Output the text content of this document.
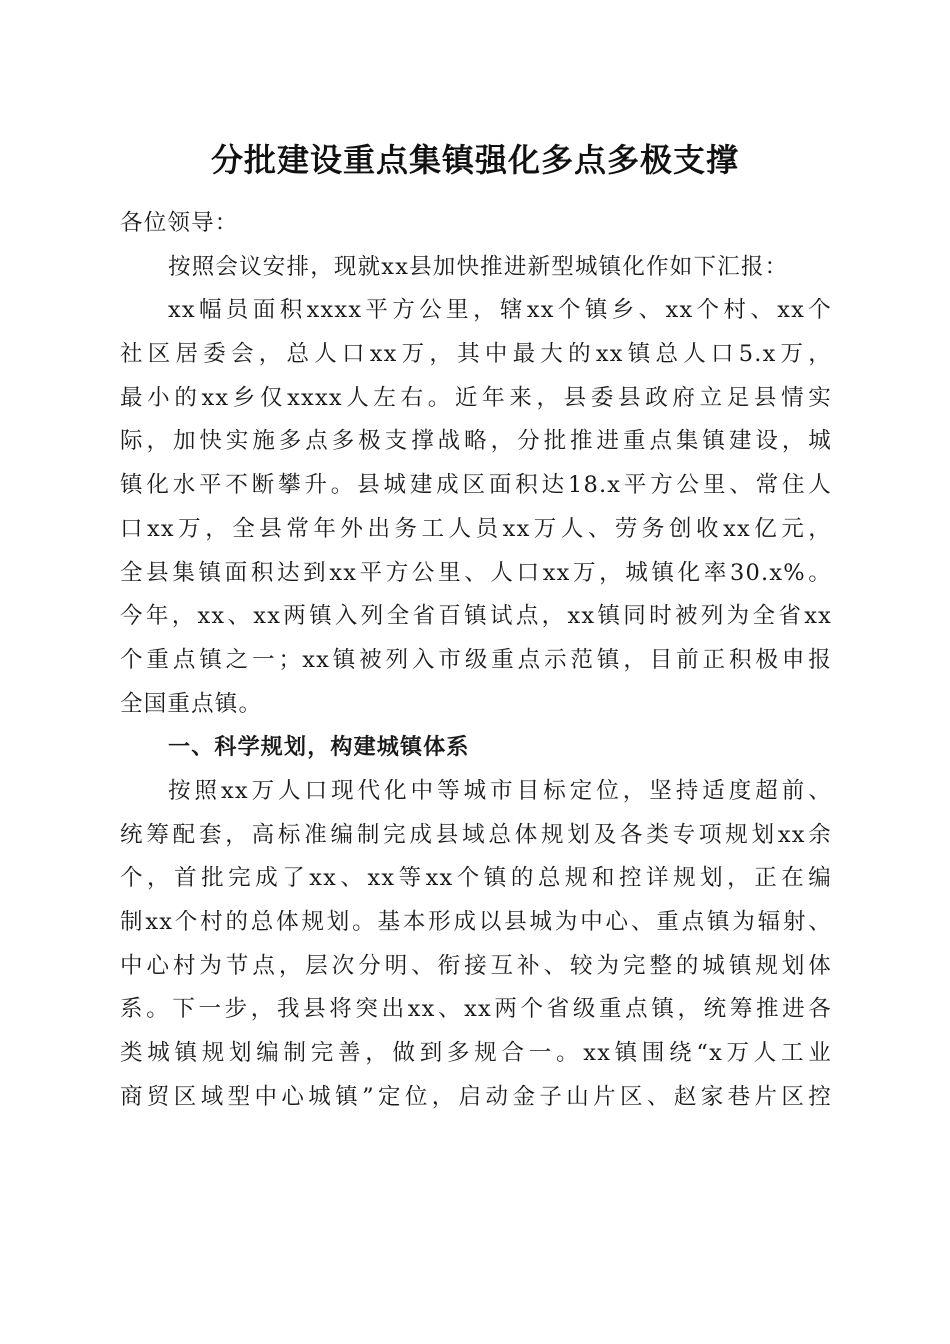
分批建设重点集镇强化多点多极支撑
各位领导：
按照会议安排，现就xx县加快推进新型城镇化作如下汇报：
xx幅员面积xxxx平方公里，辖xx个镇乡、xx个村、xx个
社区居委会，总人口xx万，其中最大的xx镇总人口5.x万，
最小的xx乡仅xxxx人左右。近年来，县委县政府立足县情实
际，加快实施多点多极支撑战略，分批推进重点集镇建设，城
镇化水平不断攀升。县城建成区面积达18.x平方公里、常住人
口xx万，全县常年外出务工人员xx万人、劳务创收xx亿元，
全县集镇面积达到xx平方公里、人口xx万，城镇化率30.x%。
今年，xx、xx两镇入列全省百镇试点，xx镇同时被列为全省xx
个重点镇之一；xx镇被列入市级重点示范镇，目前正积极申报
全国重点镇。
一、科学规划，构建城镇体系
按照xx万人口现代化中等城市目标定位，坚持适度超前、
统筹配套，高标准编制完成县域总体规划及各类专项规划xx余
个，首批完成了xx、xx等xx个镇的总规和控详规划，正在编
制xx个村的总体规划。基本形成以县城为中心、重点镇为辐射、
中心村为节点，层次分明、衔接互补、较为完整的城镇规划体
系。下一步，我县将突出xx、xx两个省级重点镇，统筹推进各
类城镇规划编制完善，做到多规合一。xx镇围绕“x万人工业
商贸区域型中心城镇”定位，启动金子山片区、赵家巷片区控
